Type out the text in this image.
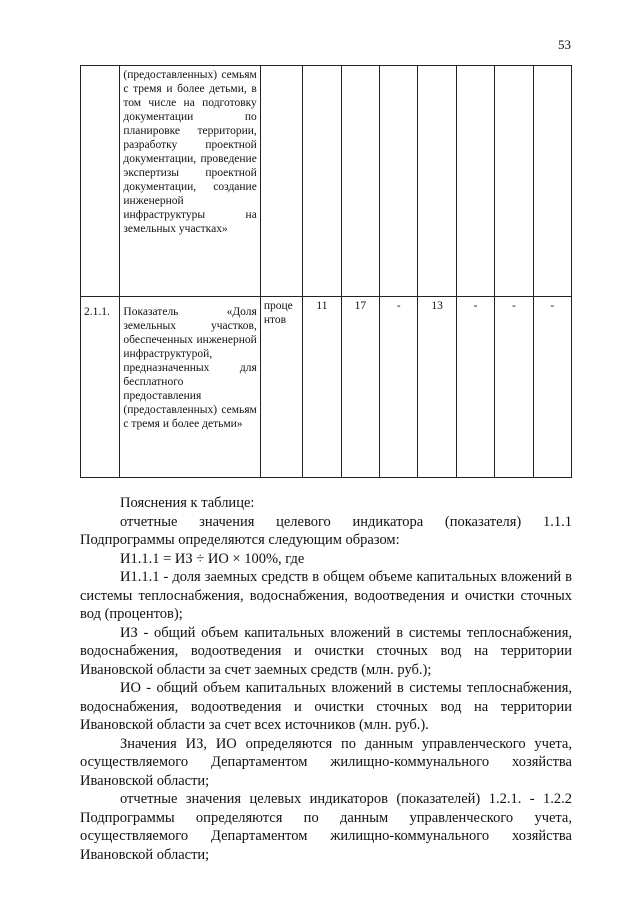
53
	(предоставленных) семьям с тремя и более детьми, в том числе на подготовку документации по планировке территории, разработку проектной документации, проведение экспертизы проектной документации, создание инженерной инфраструктуры на земельных участках»								
2.1.1.	Показатель «Доля земельных участков, обеспеченных инженерной инфраструктурой, предназначенных для бесплатного предоставления (предоставленных) семьям с тремя и более детьми»	проце нтов	11	17	-	13	-	-	-

Пояснения к таблице:

отчетные значения целевого индикатора (показателя) 1.1.1 Подпрограммы определяются следующим образом:

И1.1.1 = ИЗ ÷ ИО × 100%, где

И1.1.1 - доля заемных средств в общем объеме капитальных вложений в системы теплоснабжения, водоснабжения, водоотведения и очистки сточных вод (процентов);

ИЗ - общий объем капитальных вложений в системы теплоснабжения, водоснабжения, водоотведения и очистки сточных вод на территории Ивановской области за счет заемных средств (млн. руб.);

ИО - общий объем капитальных вложений в системы теплоснабжения, водоснабжения, водоотведения и очистки сточных вод на территории Ивановской области за счет всех источников (млн. руб.).

Значения ИЗ, ИО определяются по данным управленческого учета, осуществляемого Департаментом жилищно-коммунального хозяйства Ивановской области;

отчетные значения целевых индикаторов (показателей) 1.2.1. - 1.2.2 Подпрограммы определяются по данным управленческого учета, осуществляемого Департаментом жилищно-коммунального хозяйства Ивановской области;
